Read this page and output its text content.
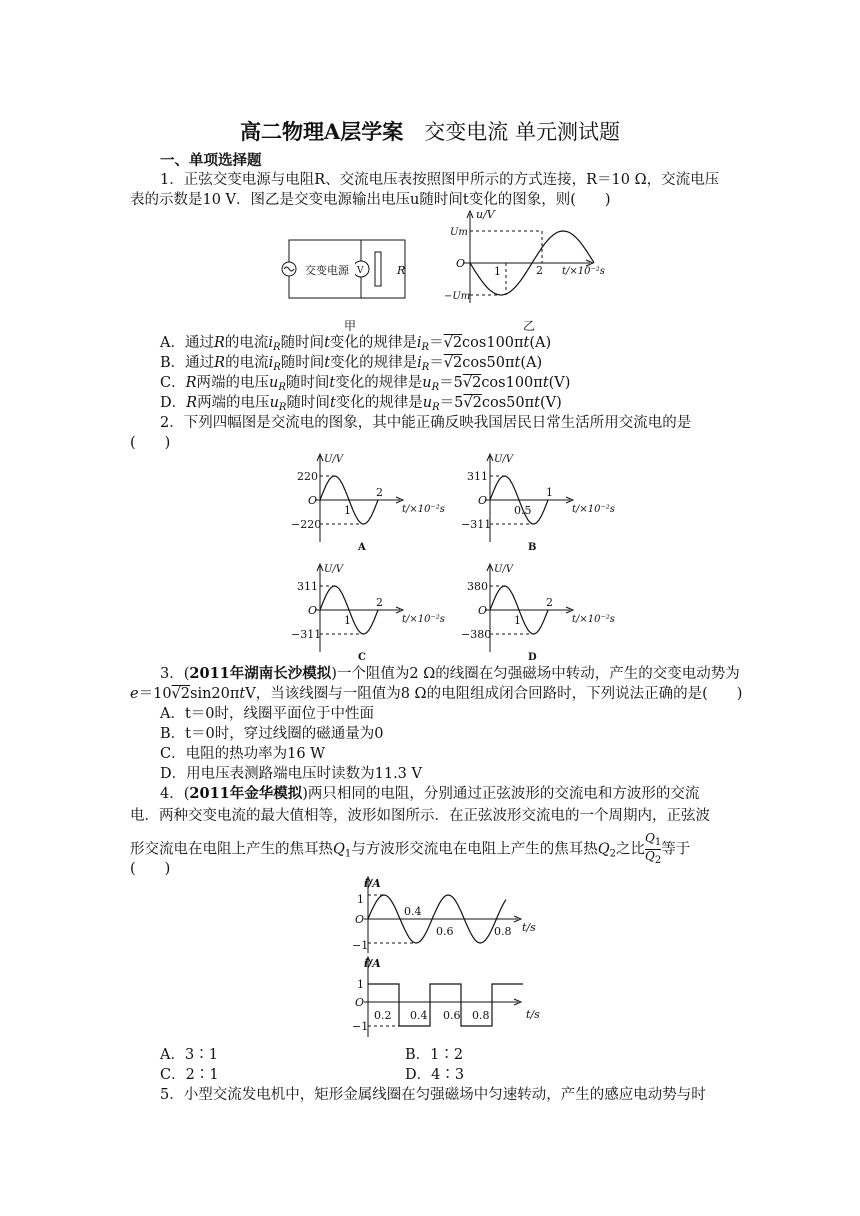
高二物理A层学案　 交变电流 单元测试题
一、单项选择题
1．正弦交变电源与电阻R、交流电压表按照图甲所示的方式连接，R＝10 Ω，交流电压
表的示数是10 V．图乙是交变电源输出电压u随时间t变化的图象，则(　　)
交变电源 V	R
u/V
Um
O
−Um
1	2 t/×10⁻²s
甲	乙
A．通过R的电流$i_R$随时间t变化的规律是$i_R=√2\cos 100\pi t(A)$
B．通过R的电流$i_R$随时间t变化的规律是$i_R=√2\cos 50\pi t(A)$
C．R两端的电压$u_R$随时间t变化的规律是$u_R=5√2\cos 100\pi t(V)$
D．R两端的电压$u_R$随时间t变化的规律是$u_R=5√2\cos 50\pi t(V)$
2．下列四幅图是交流电的图象，其中能正确反映我国居民日常生活所用交流电的是
(　　)
U/V
220
O
−220
1
2
t/×10⁻²s
A
U/V
311
O
−311
0.5
1
t/×10⁻²s
B
U/V
311
O
−311
1
2
t/×10⁻²s
C
U/V
380
O
−380
1
2
t/×10⁻²s
D
3．(2011年湖南长沙模拟)一个阻值为2 Ω的线圈在匀强磁场中转动，产生的交变电动势为
e＝10√2sin20πtV，当该线圈与一阻值为8 Ω的电阻组成闭合回路时，下列说法正确的是(　　)
A．t＝0时，线圈平面位于中性面
B．t＝0时，穿过线圈的磁通量为0
C．电阻的热功率为16 W
D．用电压表测路端电压时读数为11.3 V
4．(2011年金华模拟)两只相同的电阻，分别通过正弦波形的交流电和方波形的交流
电．两种交变电流的最大值相等，波形如图所示．在正弦波形交流电的一个周期内，正弦波
形交流电在电阻上产生的焦耳热$Q_1$与方波形交流电在电阻上产生的焦耳热$Q_2$之比 $\frac{Q_1}{Q_2}$ 等于
(　　)
i/A
1
O
−1
0.4
0.6	0.8 t/s
i/A
1
O
−1
0.2 0.4 0.6 0.8	t/s
A．3∶1	B．1∶2
C．2∶1	D．4∶3
5．小型交流发电机中，矩形金属线圈在匀强磁场中匀速转动，产生的感应电动势与时
